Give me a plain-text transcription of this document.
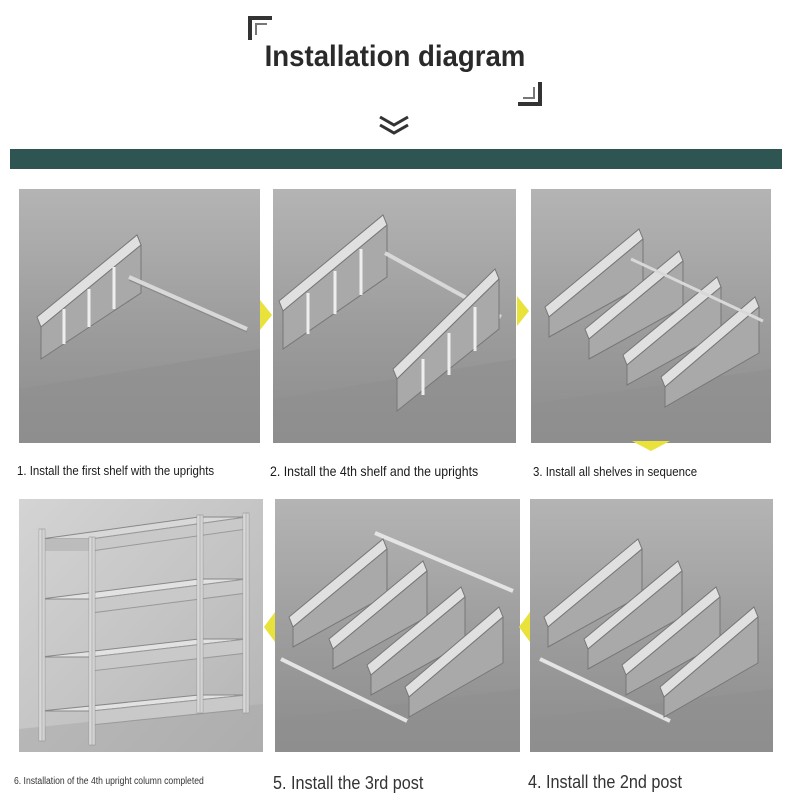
Installation diagram
1. Install the first shelf with the uprights	2. Install the 4th shelf and the uprights	3. Install all shelves in sequence
6. Installation of the 4th upright column completed	5. Install the 3rd post	4. Install the 2nd post
